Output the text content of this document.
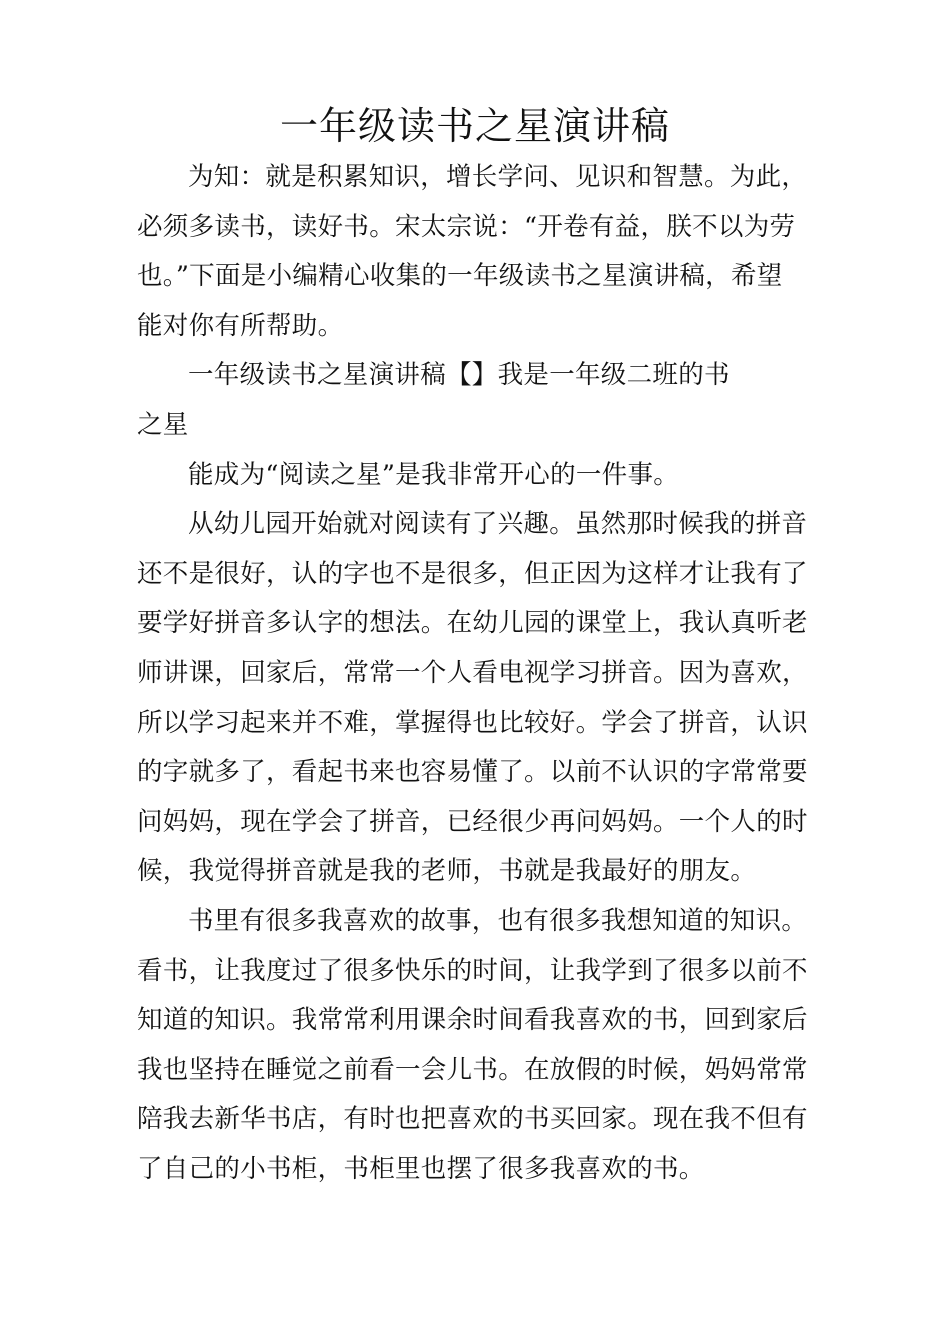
一年级读书之星演讲稿

为知：就是积累知识，增长学问、见识和智慧。为此，
必须多读书，读好书。宋太宗说：“开卷有益，朕不以为劳
也。”下面是小编精心收集的一年级读书之星演讲稿，希望
能对你有所帮助。

一年级读书之星演讲稿【】我是一年级二班的书
之星

能成为“阅读之星”是我非常开心的一件事。

从幼儿园开始就对阅读有了兴趣。虽然那时候我的拼音
还不是很好，认的字也不是很多，但正因为这样才让我有了
要学好拼音多认字的想法。在幼儿园的课堂上，我认真听老
师讲课，回家后，常常一个人看电视学习拼音。因为喜欢，
所以学习起来并不难，掌握得也比较好。学会了拼音，认识
的字就多了，看起书来也容易懂了。以前不认识的字常常要
问妈妈，现在学会了拼音，已经很少再问妈妈。一个人的时
候，我觉得拼音就是我的老师，书就是我最好的朋友。

书里有很多我喜欢的故事，也有很多我想知道的知识。
看书，让我度过了很多快乐的时间，让我学到了很多以前不
知道的知识。我常常利用课余时间看我喜欢的书，回到家后
我也坚持在睡觉之前看一会儿书。在放假的时候，妈妈常常
陪我去新华书店，有时也把喜欢的书买回家。现在我不但有
了自己的小书柜，书柜里也摆了很多我喜欢的书。
